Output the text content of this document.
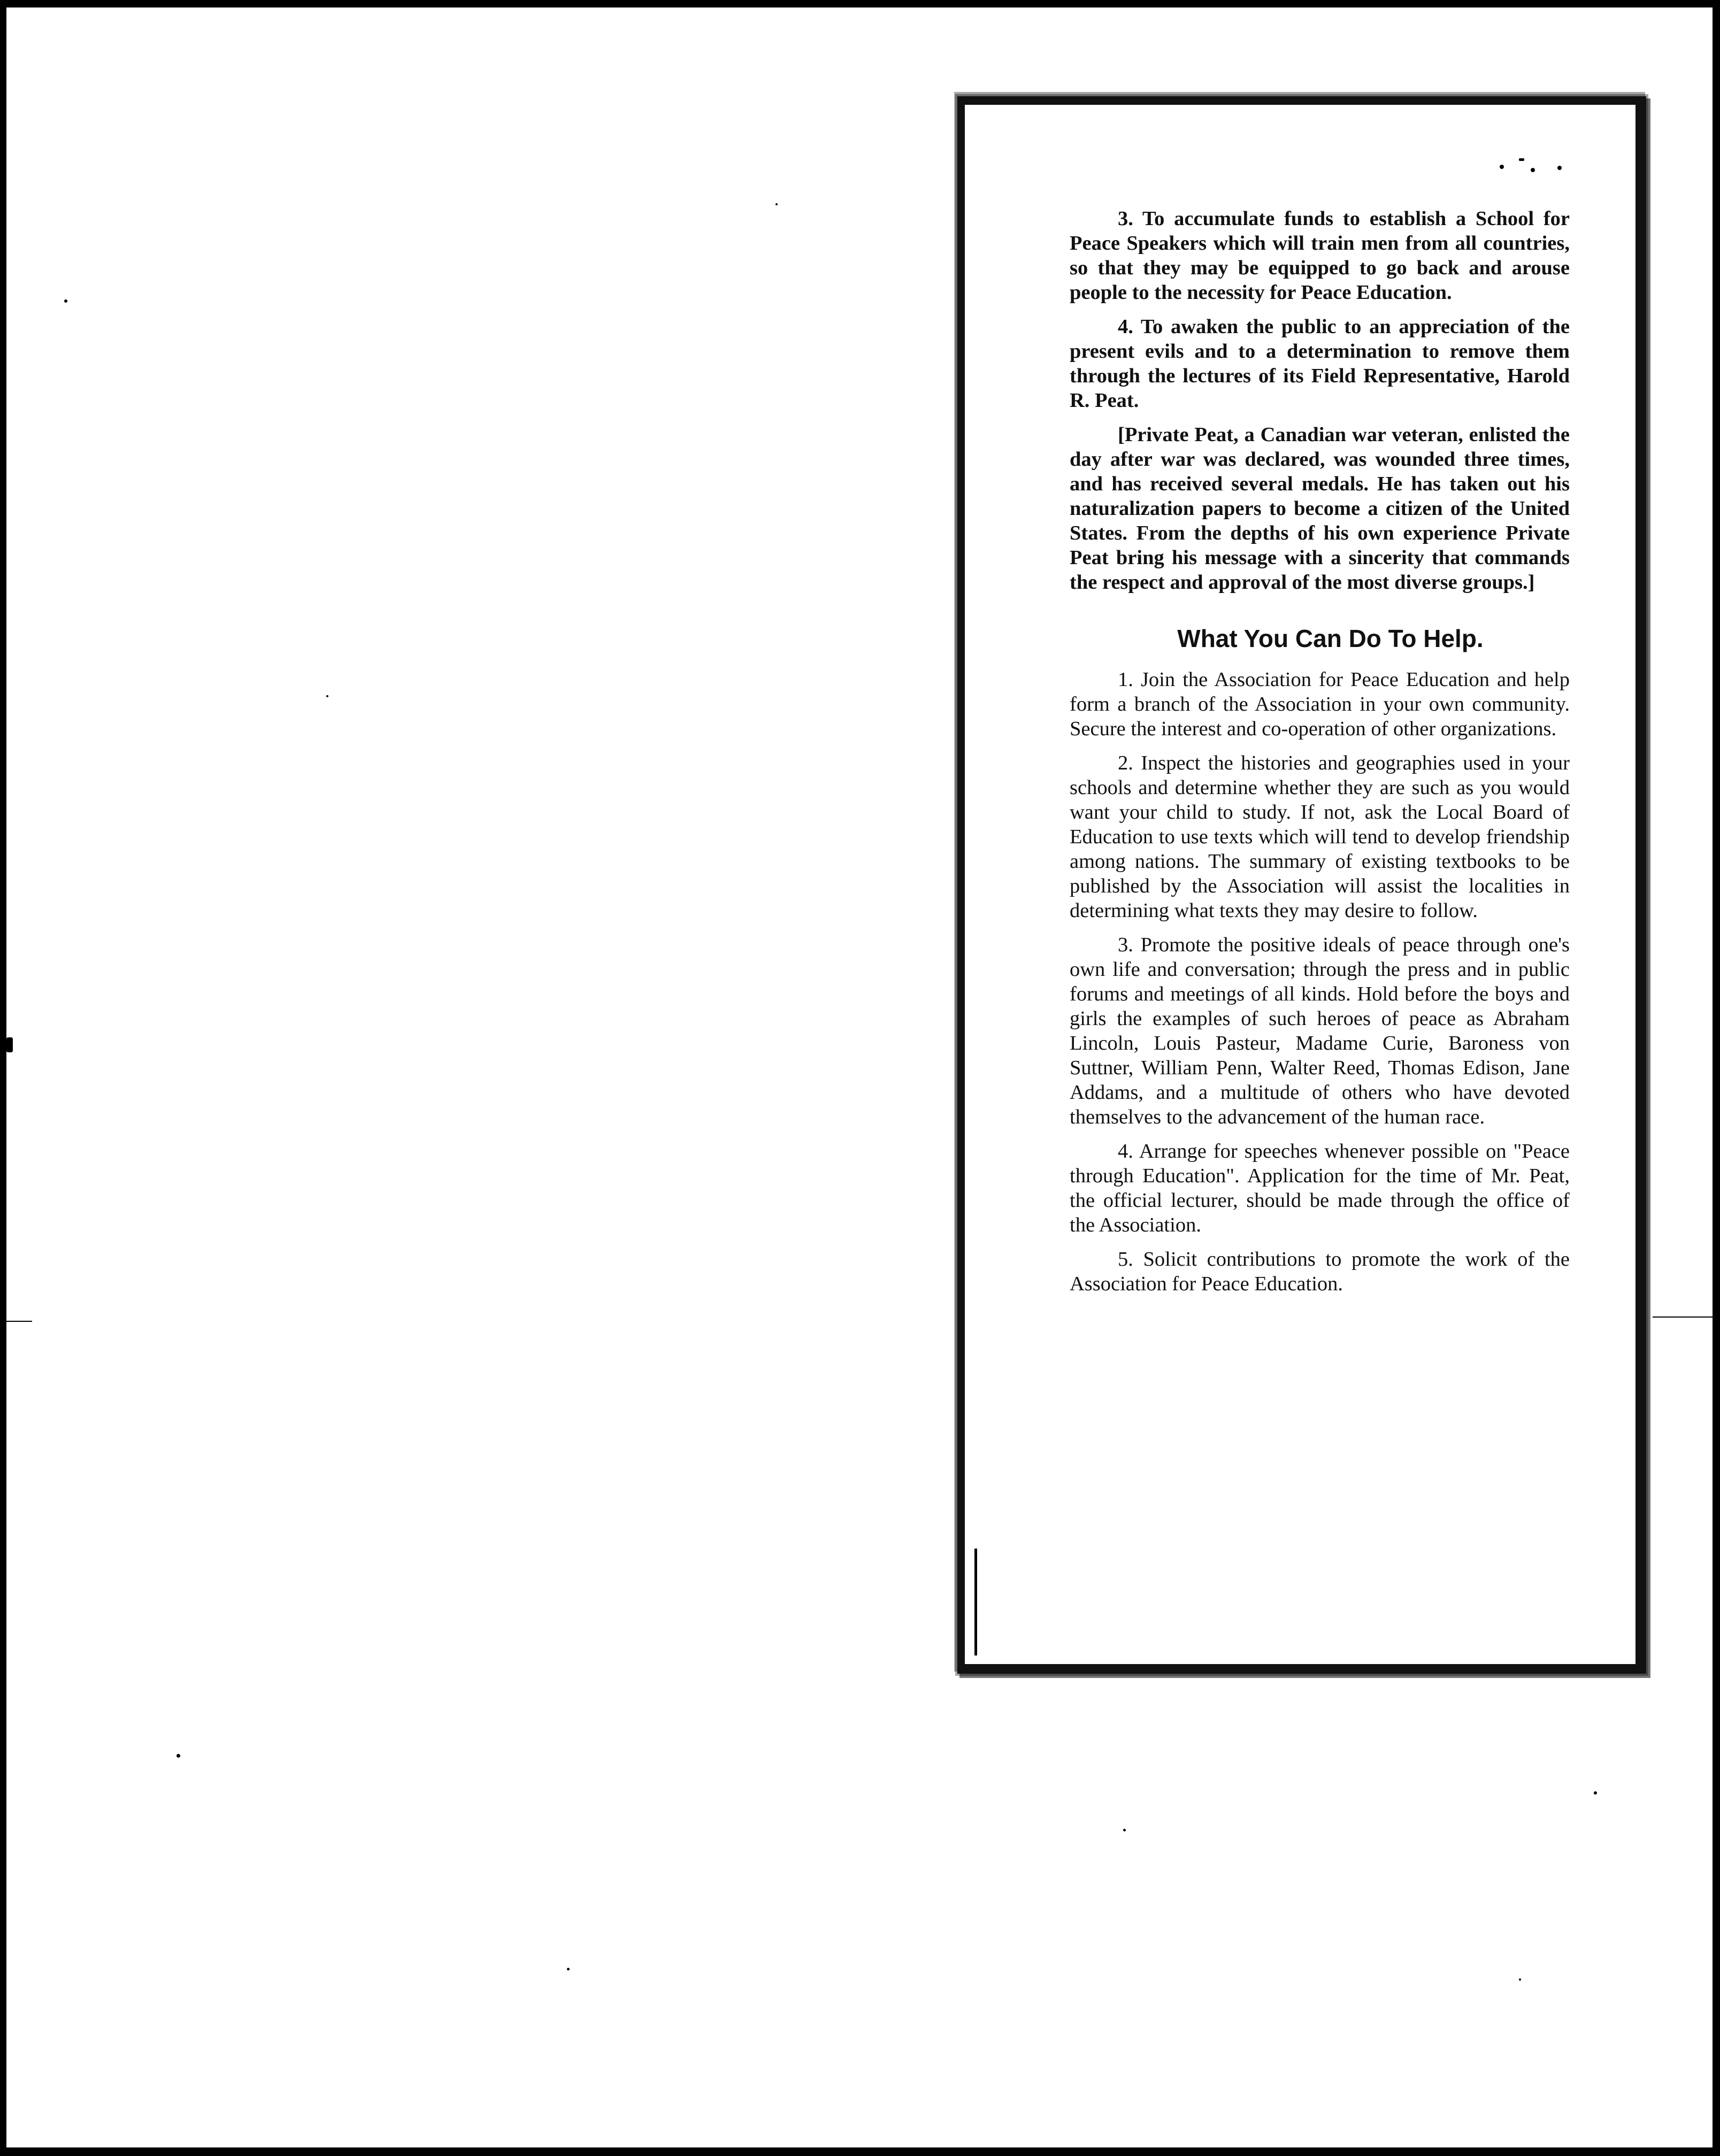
3. To accumulate funds to establish a School for Peace Speakers which will train men from all countries, so that they may be equipped to go back and arouse people to the necessity for Peace Education.

4. To awaken the public to an appreciation of the present evils and to a determination to remove them through the lectures of its Field Representative, Harold R. Peat.

[Private Peat, a Canadian war veteran, enlisted the day after war was declared, was wounded three times, and has received several medals. He has taken out his naturalization papers to become a citizen of the United States. From the depths of his own experience Private Peat bring his message with a sincerity that commands the respect and approval of the most diverse groups.]

What You Can Do To Help.

1. Join the Association for Peace Education and help form a branch of the Association in your own community. Secure the interest and co-operation of other organizations.

2. Inspect the histories and geographies used in your schools and determine whether they are such as you would want your child to study. If not, ask the Local Board of Education to use texts which will tend to develop friendship among nations. The summary of existing textbooks to be published by the Association will assist the localities in determining what texts they may desire to follow.

3. Promote the positive ideals of peace through one's own life and conversation; through the press and in public forums and meetings of all kinds. Hold before the boys and girls the examples of such heroes of peace as Abraham Lincoln, Louis Pasteur, Madame Curie, Baroness von Suttner, William Penn, Walter Reed, Thomas Edison, Jane Addams, and a multitude of others who have devoted themselves to the advancement of the human race.

4. Arrange for speeches whenever possible on "Peace through Education". Application for the time of Mr. Peat, the official lecturer, should be made through the office of the Association.

5. Solicit contributions to promote the work of the Association for Peace Education.
